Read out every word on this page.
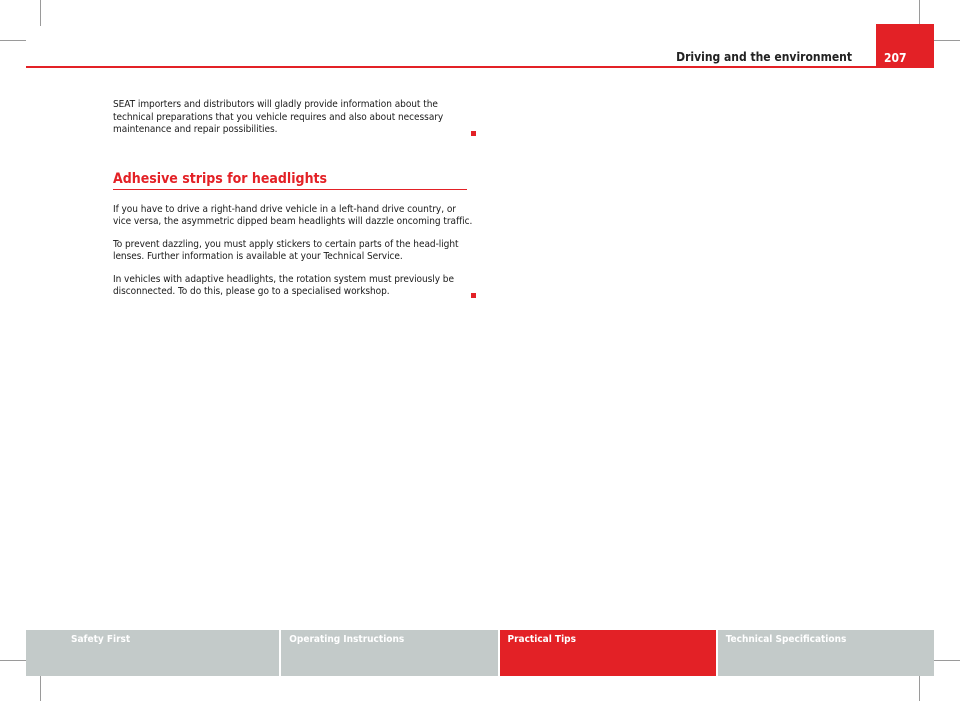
Driving and the environment	207

SEAT importers and distributors will gladly provide information about the technical preparations that you vehicle requires and also about necessary maintenance and repair possibilities.

Adhesive strips for headlights

If you have to drive a right-hand drive vehicle in a left-hand drive country, or vice versa, the asymmetric dipped beam headlights will dazzle oncoming traffic.

To prevent dazzling, you must apply stickers to certain parts of the head-light lenses. Further information is available at your Technical Service.

In vehicles with adaptive headlights, the rotation system must previously be disconnected. To do this, please go to a specialised workshop.

Safety First	Operating Instructions	Practical Tips	Technical Specifications
